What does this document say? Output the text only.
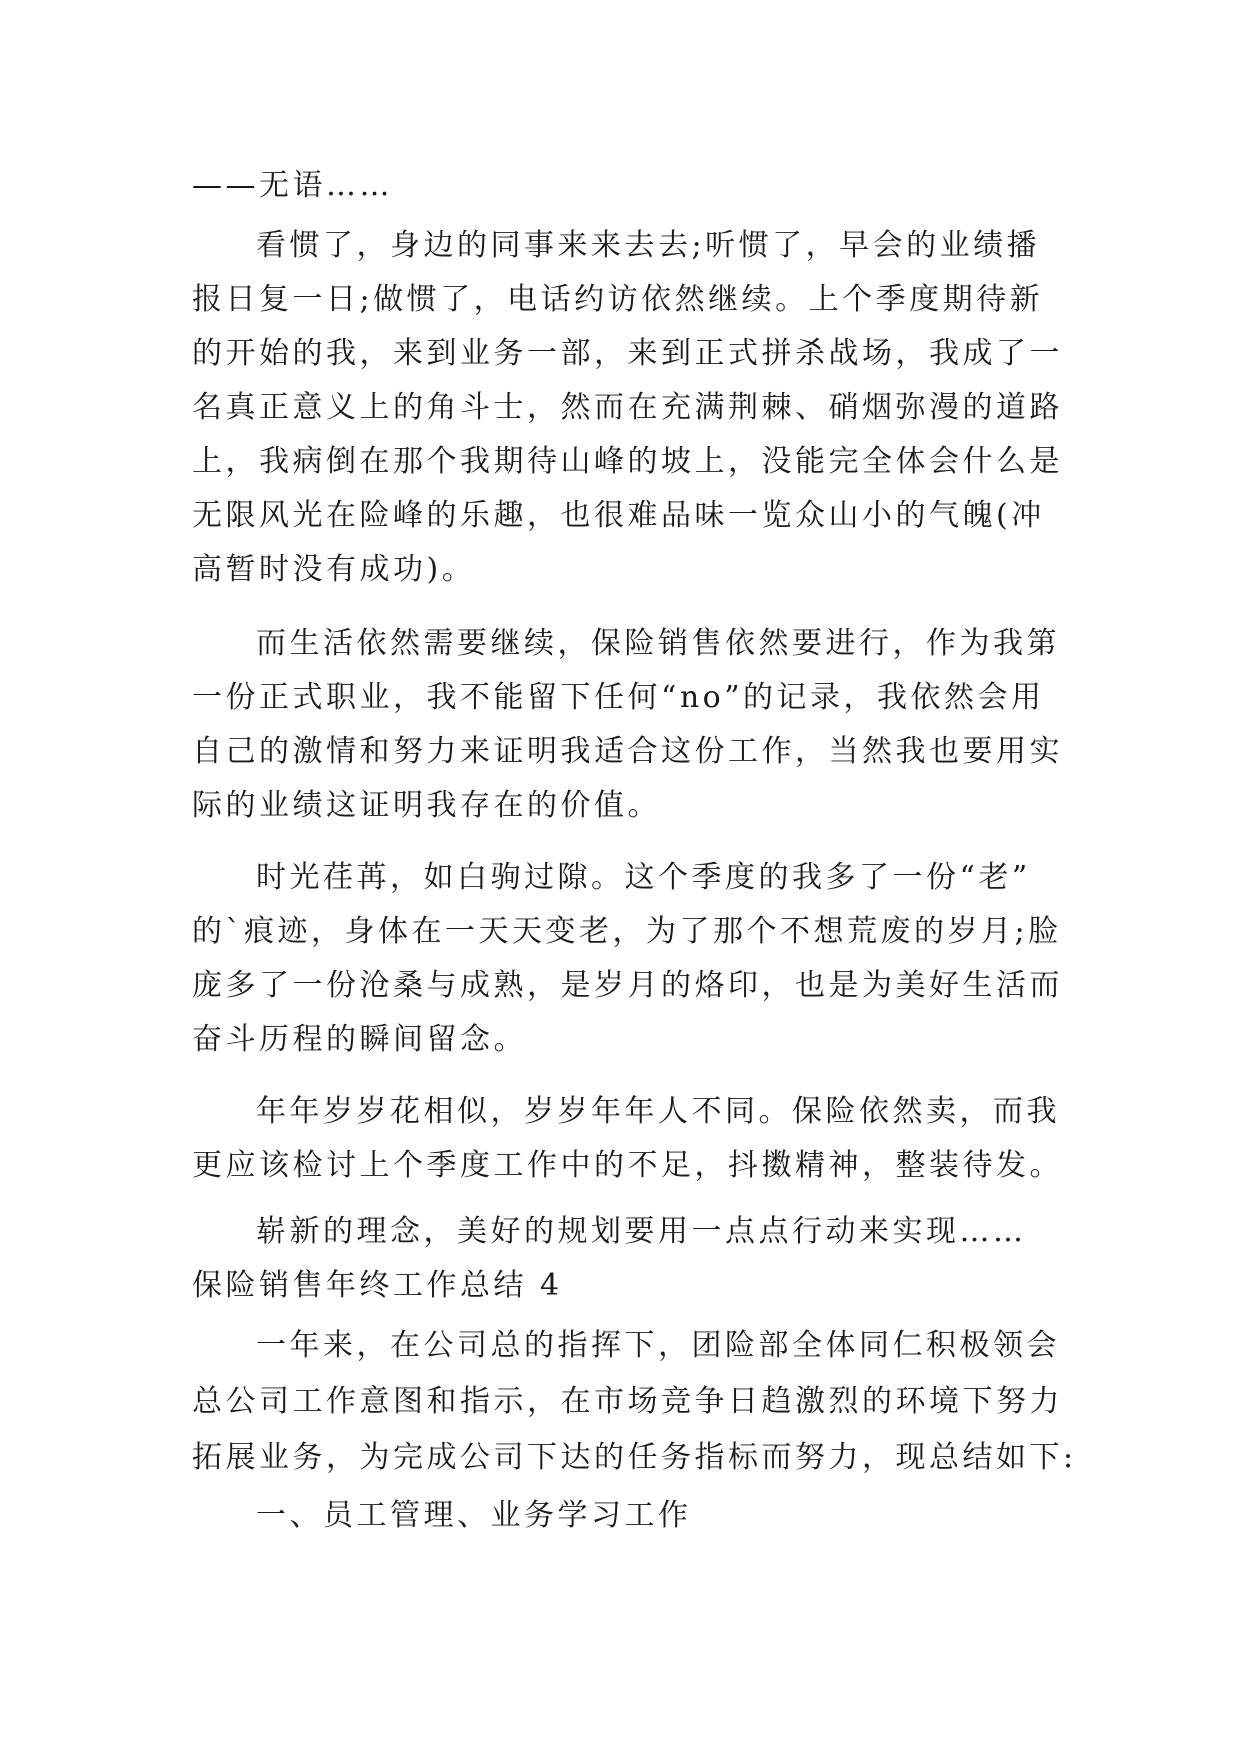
——无语……
看惯了，身边的同事来来去去;听惯了，早会的业绩播
报日复一日;做惯了，电话约访依然继续。上个季度期待新
的开始的我，来到业务一部，来到正式拼杀战场，我成了一
名真正意义上的角斗士，然而在充满荆棘、硝烟弥漫的道路
上，我病倒在那个我期待山峰的坡上，没能完全体会什么是
无限风光在险峰的乐趣，也很难品味一览众山小的气魄(冲
高暂时没有成功)。
而生活依然需要继续，保险销售依然要进行，作为我第
一份正式职业，我不能留下任何“no”的记录，我依然会用
自己的激情和努力来证明我适合这份工作，当然我也要用实
际的业绩这证明我存在的价值。
时光荏苒，如白驹过隙。这个季度的我多了一份“老”
的`痕迹，身体在一天天变老，为了那个不想荒废的岁月;脸
庞多了一份沧桑与成熟，是岁月的烙印，也是为美好生活而
奋斗历程的瞬间留念。
年年岁岁花相似，岁岁年年人不同。保险依然卖，而我
更应该检讨上个季度工作中的不足，抖擞精神，整装待发。
崭新的理念，美好的规划要用一点点行动来实现……
保险销售年终工作总结 4
一年来，在公司总的指挥下，团险部全体同仁积极领会
总公司工作意图和指示，在市场竞争日趋激烈的环境下努力
拓展业务，为完成公司下达的任务指标而努力，现总结如下:
一、员工管理、业务学习工作
